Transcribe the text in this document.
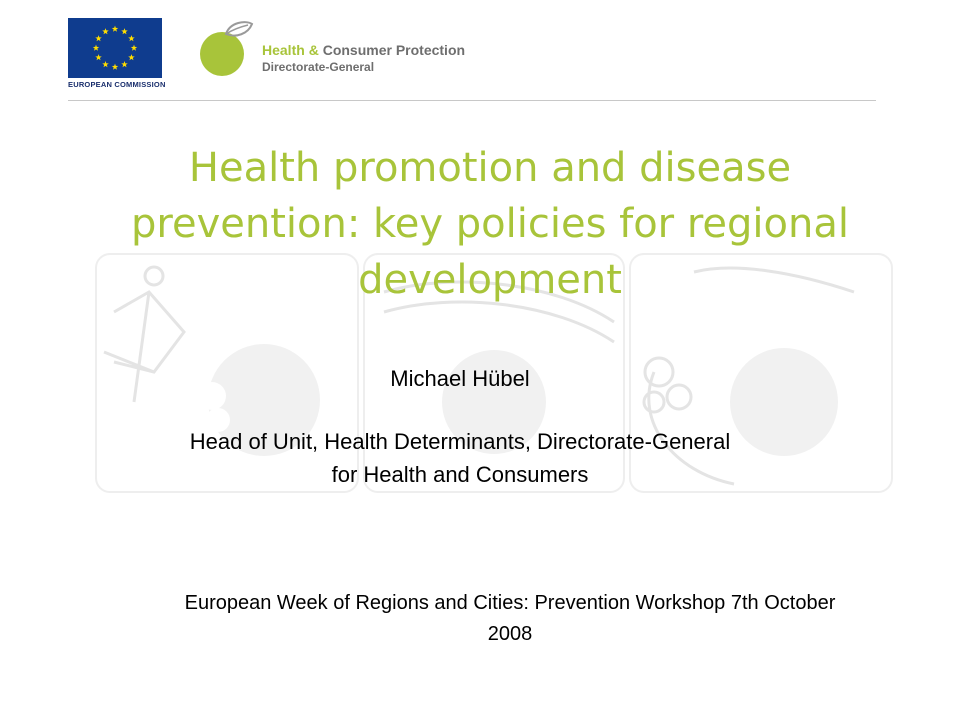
EUROPEAN COMMISSION
Health & Consumer Protection
Directorate-General
Health promotion and disease prevention: key policies for regional development
Michael Hübel
Head of Unit, Health Determinants, Directorate-General for Health and Consumers
European Week of Regions and Cities: Prevention Workshop 7th October 2008
